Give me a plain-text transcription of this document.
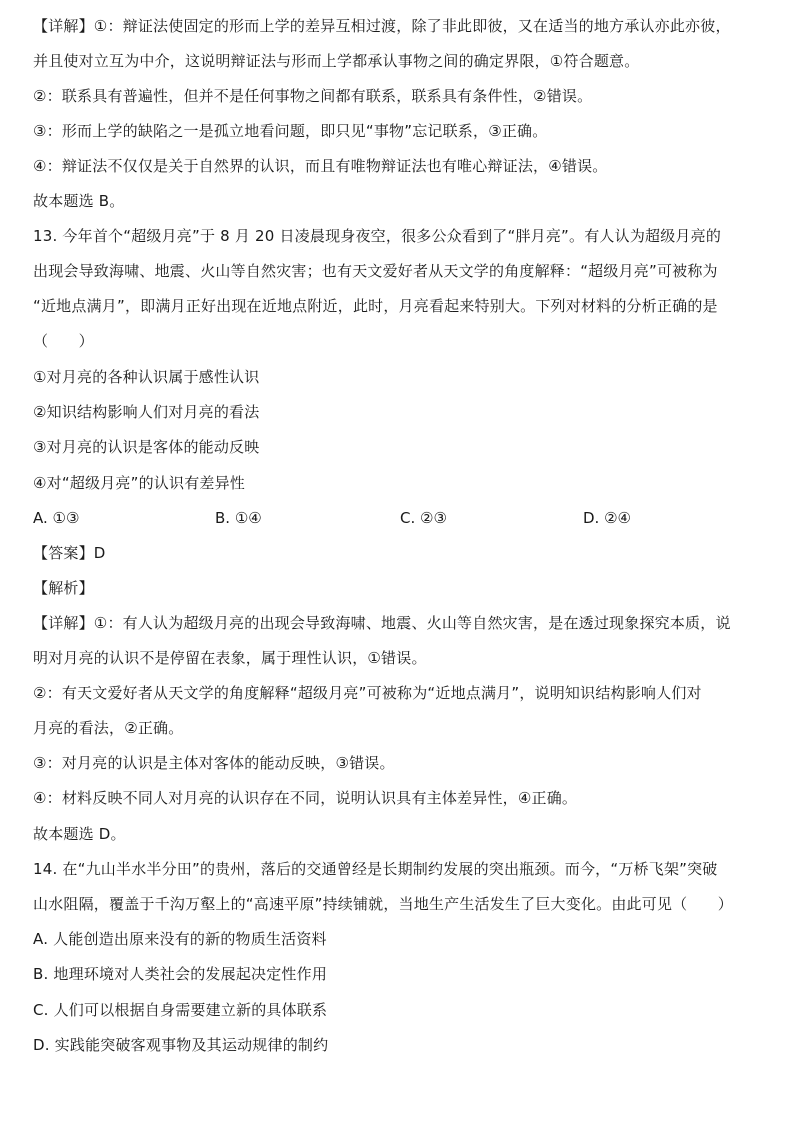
【详解】①：辩证法使固定的形而上学的差异互相过渡，除了非此即彼，又在适当的地方承认亦此亦彼，
并且使对立互为中介，这说明辩证法与形而上学都承认事物之间的确定界限，①符合题意。
②：联系具有普遍性，但并不是任何事物之间都有联系，联系具有条件性，②错误。
③：形而上学的缺陷之一是孤立地看问题，即只见“事物”忘记联系，③正确。
④：辩证法不仅仅是关于自然界的认识，而且有唯物辩证法也有唯心辩证法，④错误。
故本题选 B。
13. 今年首个“超级月亮”于 8 月 20 日凌晨现身夜空，很多公众看到了“胖月亮”。有人认为超级月亮的
出现会导致海啸、地震、火山等自然灾害；也有天文爱好者从天文学的角度解释：“超级月亮”可被称为
“近地点满月”，即满月正好出现在近地点附近，此时，月亮看起来特别大。下列对材料的分析正确的是
（　　）
①对月亮的各种认识属于感性认识
②知识结构影响人们对月亮的看法
③对月亮的认识是客体的能动反映
④对“超级月亮”的认识有差异性
A. ①③	B. ①④	C. ②③	D. ②④
【答案】D
【解析】
【详解】①：有人认为超级月亮的出现会导致海啸、地震、火山等自然灾害，是在透过现象探究本质，说
明对月亮的认识不是停留在表象，属于理性认识，①错误。
②：有天文爱好者从天文学的角度解释“超级月亮”可被称为“近地点满月”，说明知识结构影响人们对
月亮的看法，②正确。
③：对月亮的认识是主体对客体的能动反映，③错误。
④：材料反映不同人对月亮的认识存在不同，说明认识具有主体差异性，④正确。
故本题选 D。
14. 在“九山半水半分田”的贵州，落后的交通曾经是长期制约发展的突出瓶颈。而今，“万桥飞架”突破
山水阻隔，覆盖于千沟万壑上的“高速平原”持续铺就，当地生产生活发生了巨大变化。由此可见（　　）
A. 人能创造出原来没有的新的物质生活资料
B. 地理环境对人类社会的发展起决定性作用
C. 人们可以根据自身需要建立新的具体联系
D. 实践能突破客观事物及其运动规律的制约
